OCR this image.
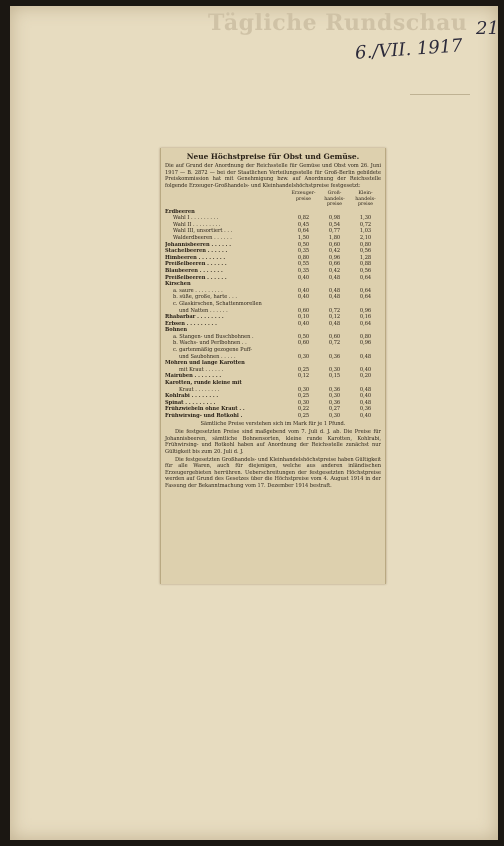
Tägliche Rundschau
6./VII. 1917
21
Neue Höchstpreise für Obst und Gemüse.
Die auf Grund der Anordnung der Reichsstelle für Gemüse und Obst vom 26. Juni 1917 — B. 2872 — bei der Staatlichen Verteilungsstelle für Groß-Berlin gebildete Preiskommission hat mit Genehmigung bzw. auf Anordnung der Reichsstelle folgende Erzeuger-Großhandels- und Kleinhandelshöchstpreise festgesetzt:
Erzeuger-preise
Groß-handels-preise
Klein-handels-preise
Erdbeeren
Wahl I . . . . . . . . .	0,82	0,98	1,30
Wahl II . . . . . . . . .	0,45	0,54	0,72
Wahl III, unsortiert . . .	0,64	0,77	1,03
Walderdbeeren . . . . . .	1,50	1,80	2,10
Johannisbeeren . . . . . .	0,50	0,60	0,80
Stachelbeeren . . . . . .	0,35	0,42	0,56
Himbeeren . . . . . . . .	0,80	0,96	1,28
Preißelbeeren . . . . . .	0,55	0,66	0,88
Blaubeeren . . . . . . .	0,35	0,42	0,56
Preißelbeeren . . . . . .	0,40	0,48	0,64
Kirschen
a. saure . . . . . . . . .	0,40	0,48	0,64
b. süße, große, harte . . .	0,40	0,48	0,64
c. Glaskirschen, Schattenmorellen
und Natten . . . . . .	0,60	0,72	0,96
Rhabarbar . . . . . . . .	0,10	0,12	0,16
Erbsen . . . . . . . . .	0,40	0,48	0,64
Bohnen
a. Stangen- und Buschbohnen .	0,50	0,60	0,80
b. Wachs- und Perlbohnen . .	0,60	0,72	0,96
c. gartenmäßig gezogene Puff-
und Saubohnen . . . . .	0,30	0,36	0,48
Möhren und lange Karotten
mit Kraut . . . . . .	0,25	0,30	0,40
Mairüben . . . . . . . .	0,12	0,15	0,20
Karotten, runde kleine mit
Kraut . . . . . . . .	0,30	0,36	0,48
Kohlrabi . . . . . . . .	0,25	0,30	0,40
Spinat . . . . . . . . .	0,30	0,36	0,48
Frühzwiebeln ohne Kraut . .	0,22	0,27	0,36
Frühwirsing- und Rotkohl .	0,25	0,30	0,40
Sämtliche Preise verstehen sich im Mark für je 1 Pfund.
Die festgesetzten Preise sind maßgebend vom 7. Juli d. J. ab. Die Preise für Johannisbeeren, sämtliche Bohnensorten, kleine runde Karotten, Kohlrabi, Frühwirsing- und Rotkohl haben auf Anordnung der Reichsstelle zunächst nur Gültigkeit bis zum 20. Juli d. J.
Die festgesetzten Großhandels- und Kleinhandelshöchstpreise haben Gültigkeit für alle Waren, auch für diejenigen, welche aus anderen inländischen Erzeugergebieten herrühren. Ueberschreitungen der festgesetzten Höchstpreise werden auf Grund des Gesetzes über die Höchstpreise vom 4. August 1914 in der Fassung der Bekanntmachung vom 17. Dezember 1914 bestraft.
